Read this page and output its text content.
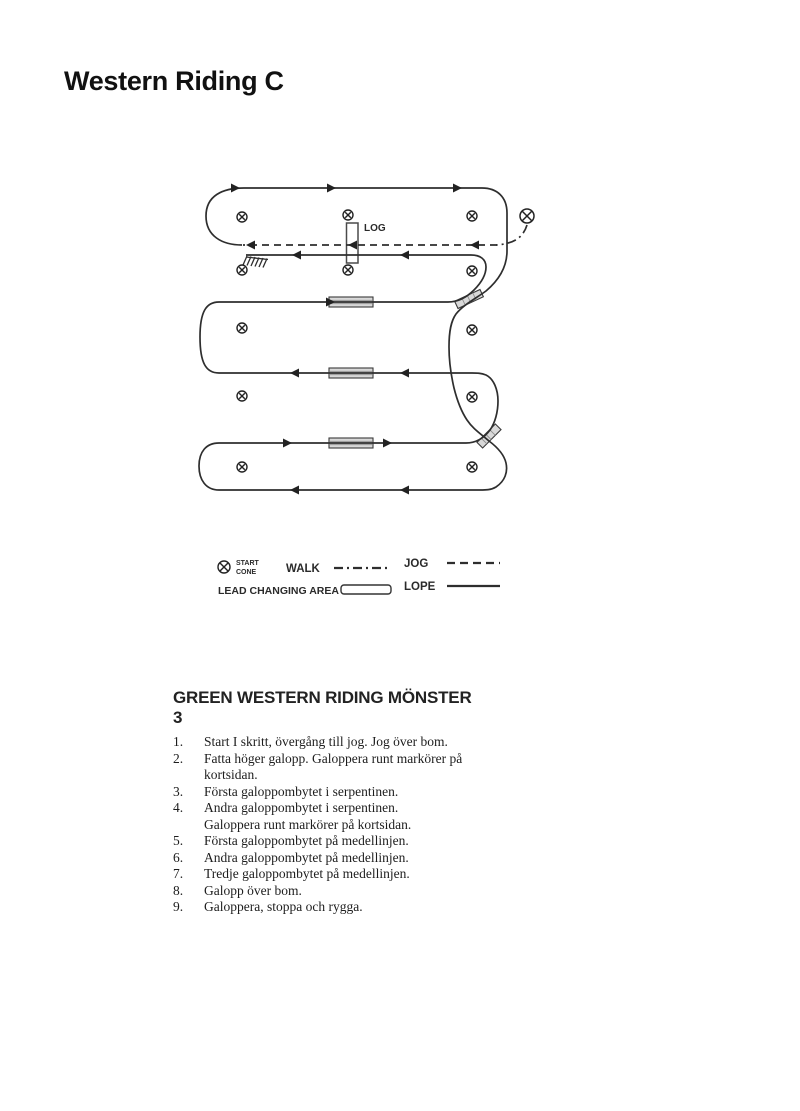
Western Riding C
LOG
START
CONE	WALK	JOG
LEAD CHANGING AREA	LOPE
GREEN WESTERN RIDING MÖNSTER 3
1.	Start I skritt, övergång till jog. Jog över bom.
2.	Fatta höger galopp. Galoppera runt markörer på
kortsidan.
3.	Första galoppombytet i serpentinen.
4.	Andra galoppombytet i serpentinen.
Galoppera runt markörer på kortsidan.
5.	Första galoppombytet på medellinjen.
6.	Andra galoppombytet på medellinjen.
7.	Tredje galoppombytet på medellinjen.
8.	Galopp över bom.
9.	Galoppera, stoppa och rygga.
